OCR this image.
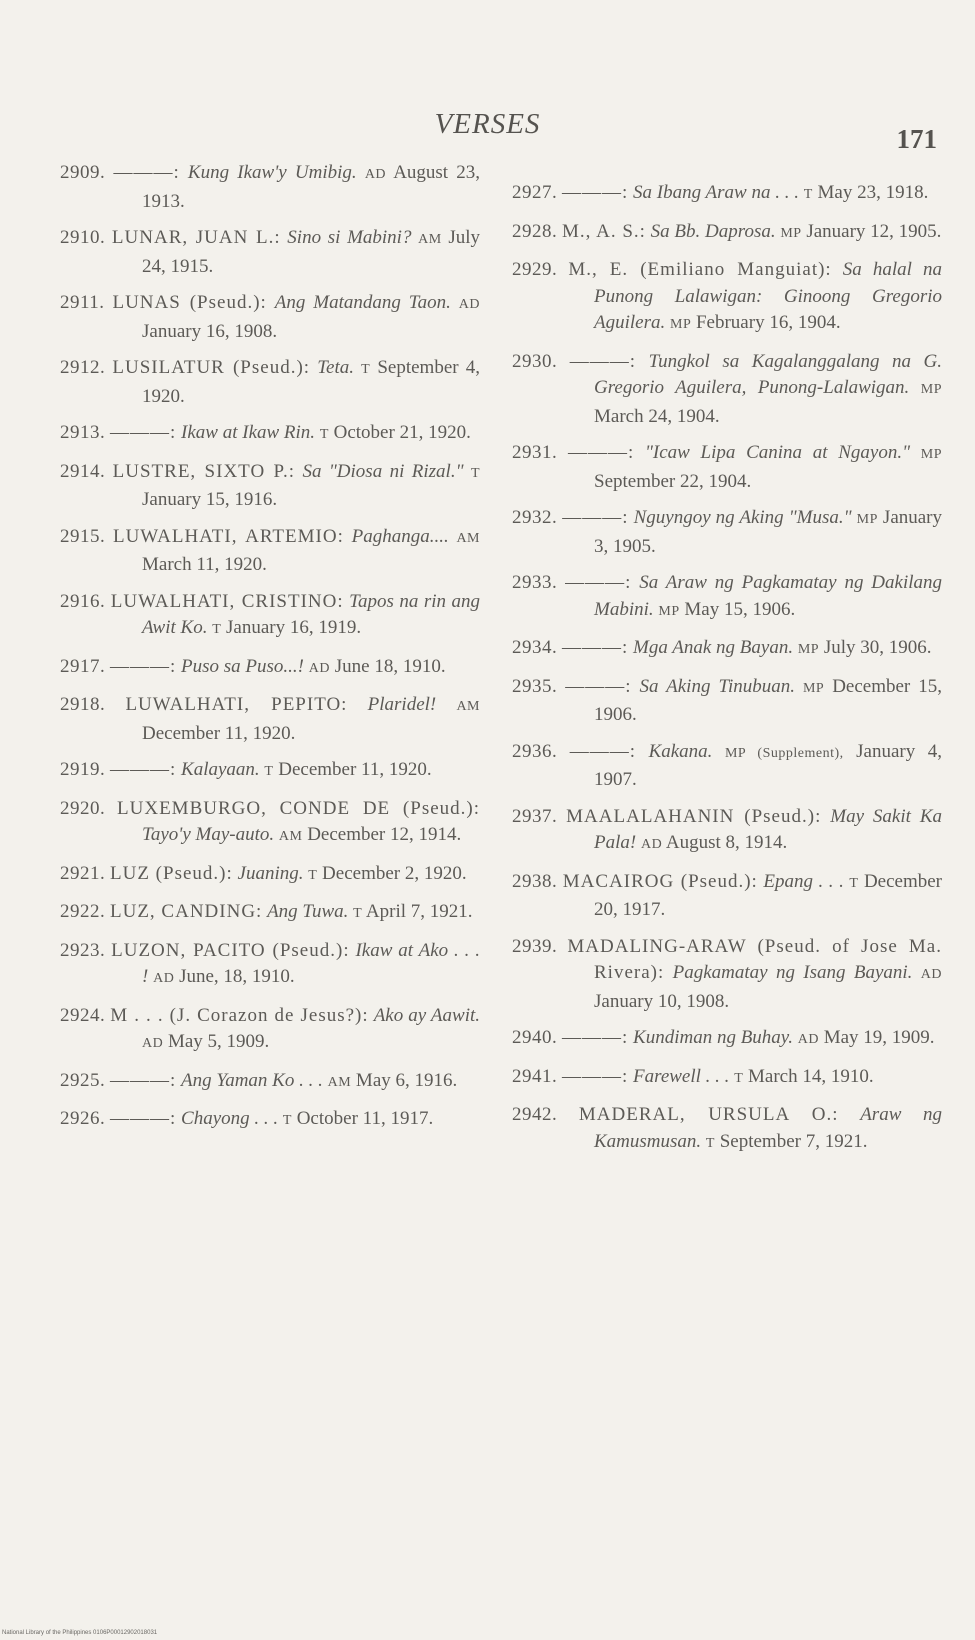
VERSES	171
2909. ———: Kung Ikaw'y Umibig. AD August 23, 1913.
2910. LUNAR, JUAN L.: Sino si Mabini? AM July 24, 1915.
2911. LUNAS (Pseud.): Ang Matandang Taon. AD January 16, 1908.
2912. LUSILATUR (Pseud.): Teta. T September 4, 1920.
2913. ———: Ikaw at Ikaw Rin. T October 21, 1920.
2914. LUSTRE, SIXTO P.: Sa "Diosa ni Rizal." T January 15, 1916.
2915. LUWALHATI, ARTEMIO: Paghanga.... AM March 11, 1920.
2916. LUWALHATI, CRISTINO: Tapos na rin ang Awit Ko. T January 16, 1919.
2917. ———: Puso sa Puso...! AD June 18, 1910.
2918. LUWALHATI, PEPITO: Plaridel! AM December 11, 1920.
2919. ———: Kalayaan. T December 11, 1920.
2920. LUXEMBURGO, CONDE DE (Pseud.): Tayo'y May-auto. AM December 12, 1914.
2921. LUZ (Pseud.): Juaning. T December 2, 1920.
2922. LUZ, CANDING: Ang Tuwa. T April 7, 1921.
2923. LUZON, PACITO (Pseud.): Ikaw at Ako . . . ! AD June, 18, 1910.
2924. M . . . (J. Corazon de Jesus?): Ako ay Aawit. AD May 5, 1909.
2925. ———: Ang Yaman Ko . . . AM May 6, 1916.
2926. ———: Chayong . . . T October 11, 1917.
2927. ———: Sa Ibang Araw na . . . T May 23, 1918.
2928. M., A. S.: Sa Bb. Daprosa. MP January 12, 1905.
2929. M., E. (Emiliano Manguiat): Sa halal na Punong Lalawigan: Ginoong Gregorio Aguilera. MP February 16, 1904.
2930. ———: Tungkol sa Kagalanggalang na G. Gregorio Aguilera, Punong-Lalawigan. MP March 24, 1904.
2931. ———: "Icaw Lipa Canina at Ngayon." MP September 22, 1904.
2932. ———: Nguyngoy ng Aking "Musa." MP January 3, 1905.
2933. ———: Sa Araw ng Pagkamatay ng Dakilang Mabini. MP May 15, 1906.
2934. ———: Mga Anak ng Bayan. MP July 30, 1906.
2935. ———: Sa Aking Tinubuan. MP December 15, 1906.
2936. ———: Kakana. MP (Supplement), January 4, 1907.
2937. MAALALAHANIN (Pseud.): May Sakit Ka Pala! AD August 8, 1914.
2938. MACAIROG (Pseud.): Epang . . . T December 20, 1917.
2939. MADALING-ARAW (Pseud. of Jose Ma. Rivera): Pagkamatay ng Isang Bayani. AD January 10, 1908.
2940. ———: Kundiman ng Buhay. AD May 19, 1909.
2941. ———: Farewell . . . T March 14, 1910.
2942. MADERAL, URSULA O.: Araw ng Kamusmusan. T September 7, 1921.
National Library of the Philippines 0106P00012902018031
